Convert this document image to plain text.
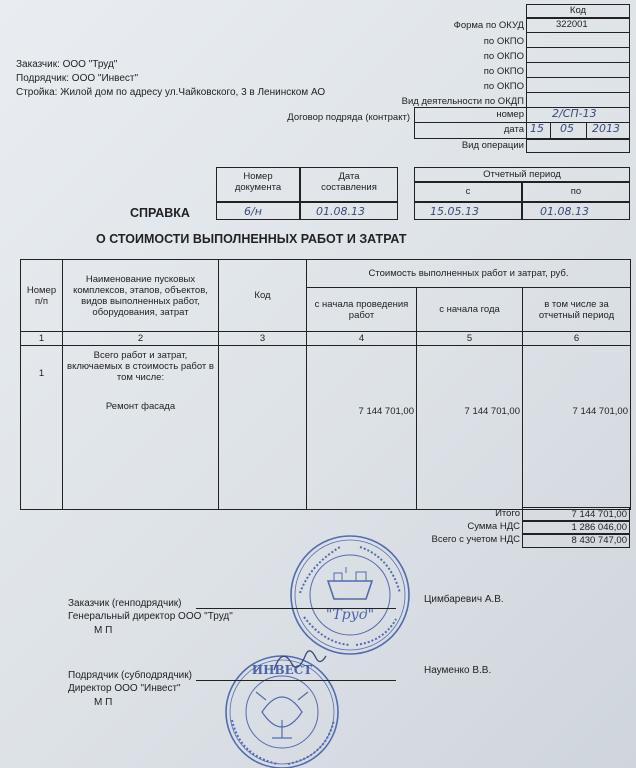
Код
Форма по ОКУД	322001
по ОКПО
по ОКПО
по ОКПО
по ОКПО
Вид деятельности по ОКДП
Договор подряда (контракт)	номер	2/СП-13
дата 15 05 2013
Вид операции
Заказчик: ООО "Труд"
Подрядчик: ООО "Инвест"
Стройка: Жилой дом по адресу ул.Чайковского, 3 в Ленинском АО
Номер документа
Дата составления
6/н	01.08.13
Отчетный период
с	по
15.05.13	01.08.13
СПРАВКА
О СТОИМОСТИ ВЫПОЛНЕННЫХ РАБОТ И ЗАТРАТ
Номер п/п	Наименование пусковых комплексов, этапов, объектов, видов выполненных работ, оборудования, затрат	Код	Стоимость выполненных работ и затрат, руб.		
			с начала проведения работ	с начала года	в том числе за отчетный период
1	2	3	4	5	6
1	Всего работ и затрат, включаемых в стоимость работ в том числе:
Ремонт фасада		7 144 701,00	7 144 701,00	7 144 701,00
Итого	7 144 701,00
Сумма НДС	1 286 046,00
Всего с учетом НДС	8 430 747,00
"Труд"
ИНВЕСТ
Заказчик (генподрядчик)
Генеральный директор ООО "Труд"
М П
Цимбаревич А.В.
Подрядчик (субподрядчик)
Директор ООО "Инвест"
М П
Науменко В.В.
